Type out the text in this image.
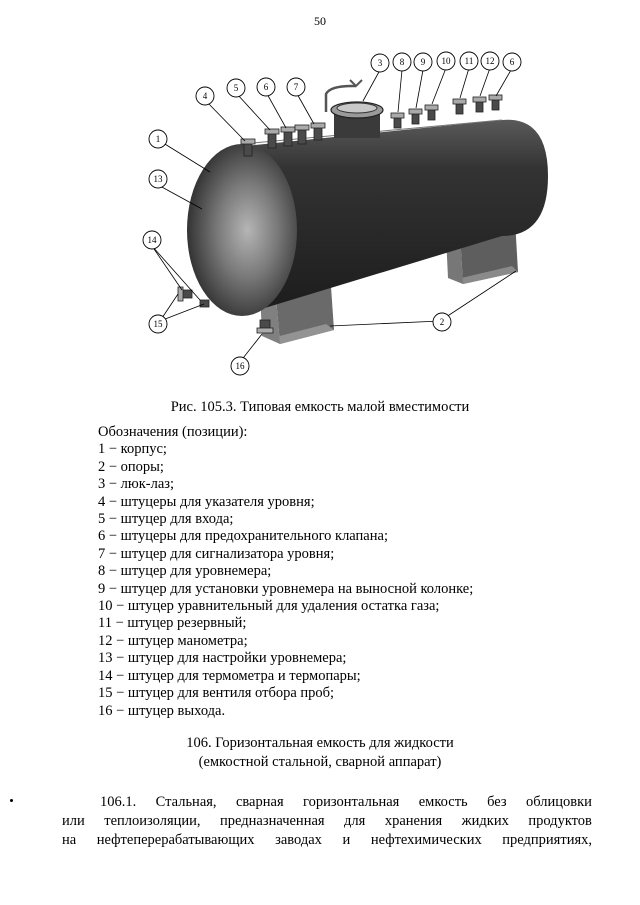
50
1
2
3
4
5	6	7
8 9 10 11 12 6
13
14
15
16
Рис. 105.3. Типовая емкость малой вместимости
Обозначения (позиции):
1 − корпус;
2 − опоры;
3 − люк-лаз;
4 − штуцеры для указателя уровня;
5 − штуцер для входа;
6 − штуцеры для предохранительного клапана;
7 − штуцер для сигнализатора уровня;
8 − штуцер для уровнемера;
9 − штуцер для установки уровнемера на выносной колонке;
10 − штуцер уравнительный для удаления остатка газа;
11 − штуцер резервный;
12 − штуцер манометра;
13 − штуцер для настройки уровнемера;
14 − штуцер для термометра и термопары;
15 − штуцер для вентиля отбора проб;
16 − штуцер выхода.
106. Горизонтальная емкость для жидкости
(емкостной стальной, сварной аппарат)
106.1. Стальная, сварная горизонтальная емкость без облицовки
или теплоизоляции, предназначенная для хранения жидких продуктов
на нефтеперерабатывающих заводах и нефтехимических предприятиях,
